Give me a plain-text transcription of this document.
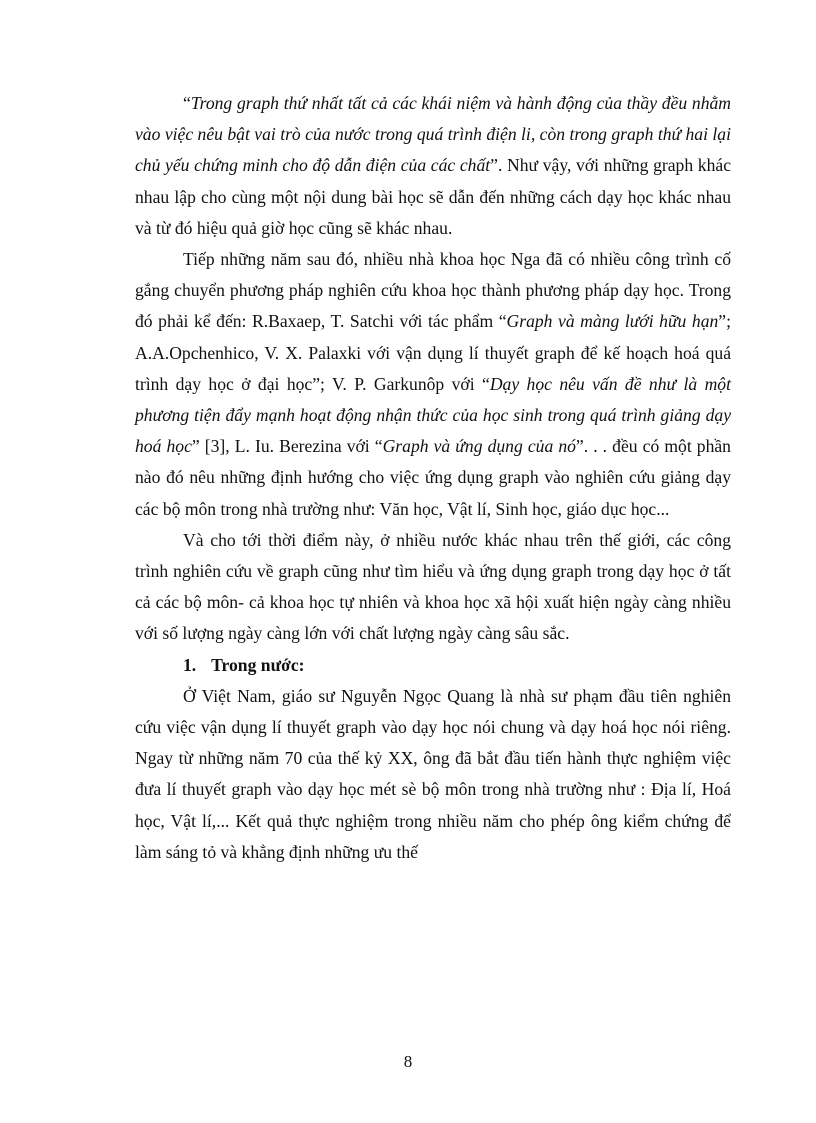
“Trong graph thứ nhất tất cả các khái niệm và hành động của thầy đều nhằm vào việc nêu bật vai trò của nước trong quá trình điện li, còn trong graph thứ hai lại chủ yếu chứng minh cho độ dẫn điện của các chất”. Như vậy, với những graph khác nhau lập cho cùng một nội dung bài học sẽ dẫn đến những cách dạy học khác nhau và từ đó hiệu quả giờ học cũng sẽ khác nhau.

Tiếp những năm sau đó, nhiều nhà khoa học Nga đã có nhiều công trình cố gắng chuyển phương pháp nghiên cứu khoa học thành phương pháp dạy học. Trong đó phải kể đến: R.Baxaep, T. Satchi với tác phẩm “Graph và màng lưới hữu hạn”; A.A.Opchenhico, V. X. Palaxki với vận dụng lí thuyết graph để kế hoạch hoá quá trình dạy học ở đại học”; V. P. Garkunôp với “Dạy học nêu vấn đề như là một phương tiện đẩy mạnh hoạt động nhận thức của học sinh trong quá trình giảng dạy hoá học” [3], L. Iu. Berezina với “Graph và ứng dụng của nó”. . . đều có một phần nào đó nêu những định hướng cho việc ứng dụng graph vào nghiên cứu giảng dạy các bộ môn trong nhà trường như: Văn học, Vật lí, Sinh học, giáo dục học...

Và cho tới thời điểm này, ở nhiều nước khác nhau trên thế giới, các công trình nghiên cứu về graph cũng như tìm hiểu và ứng dụng graph trong dạy học ở tất cả các bộ môn- cả khoa học tự nhiên và khoa học xã hội xuất hiện ngày càng nhiều với số lượng ngày càng lớn với chất lượng ngày càng sâu sắc.

1. Trong nước:

Ở Việt Nam, giáo sư Nguyễn Ngọc Quang là nhà sư phạm đầu tiên nghiên cứu việc vận dụng lí thuyết graph vào dạy học nói chung và dạy hoá học nói riêng. Ngay từ những năm 70 của thế kỷ XX, ông đã bắt đầu tiến hành thực nghiệm việc đưa lí thuyết graph vào dạy học mét sè bộ môn trong nhà trường như : Địa lí, Hoá học, Vật lí,... Kết quả thực nghiệm trong nhiều năm cho phép ông kiểm chứng để làm sáng tỏ và khẳng định những ưu thế

8
